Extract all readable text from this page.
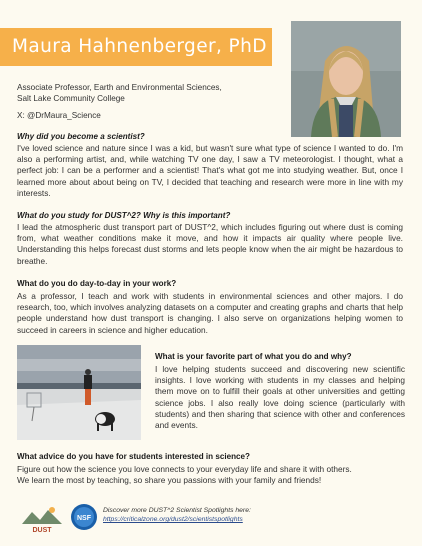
Maura Hahnenberger, PhD
Associate Professor, Earth and Environmental Sciences,
Salt Lake Community College
X: @DrMaura_Science
Why did you become a scientist?
I've loved science and nature since I was a kid, but wasn't sure what type of science I wanted to do. I'm also a performing artist, and, while watching TV one day, I saw a TV meteorologist. I thought, what a perfect job: I can be a performer and a scientist! That's what got me into studying weather. But, once I learned more about about being on TV, I decided that teaching and research were more in line with my interests.
What do you study for DUST^2? Why is this important?
I lead the atmospheric dust transport part of DUST^2, which includes figuring out where dust is coming from, what weather conditions make it move, and how it impacts air quality where people live. Understanding this helps forecast dust storms and lets people know when the air might be hazardous to breathe.
What do you do day-to-day in your work?
As a professor, I teach and work with students in environmental sciences and other majors. I do research, too, which involves analyzing datasets on a computer and creating graphs and charts that help people understand how dust transport is changing. I also serve on organizations helping women to succeed in careers in science and higher education.
What is your favorite part of what you do and why?
I love helping students succeed and discovering new scientific insights. I love working with students in my classes and helping them move on to fulfill their goals at other universities and getting science jobs. I also really love doing science (particularly with students) and then sharing that science with other and conferences and events.
What advice do you have for students interested in science?
Figure out how the science you love connects to your everyday life and share it with others.
We learn the most by teaching, so share you passions with your family and friends!
DUST
NSF
Discover more DUST^2 Scientist Spotlights here:
https://criticalzone.org/dust2/scientistspotlights
